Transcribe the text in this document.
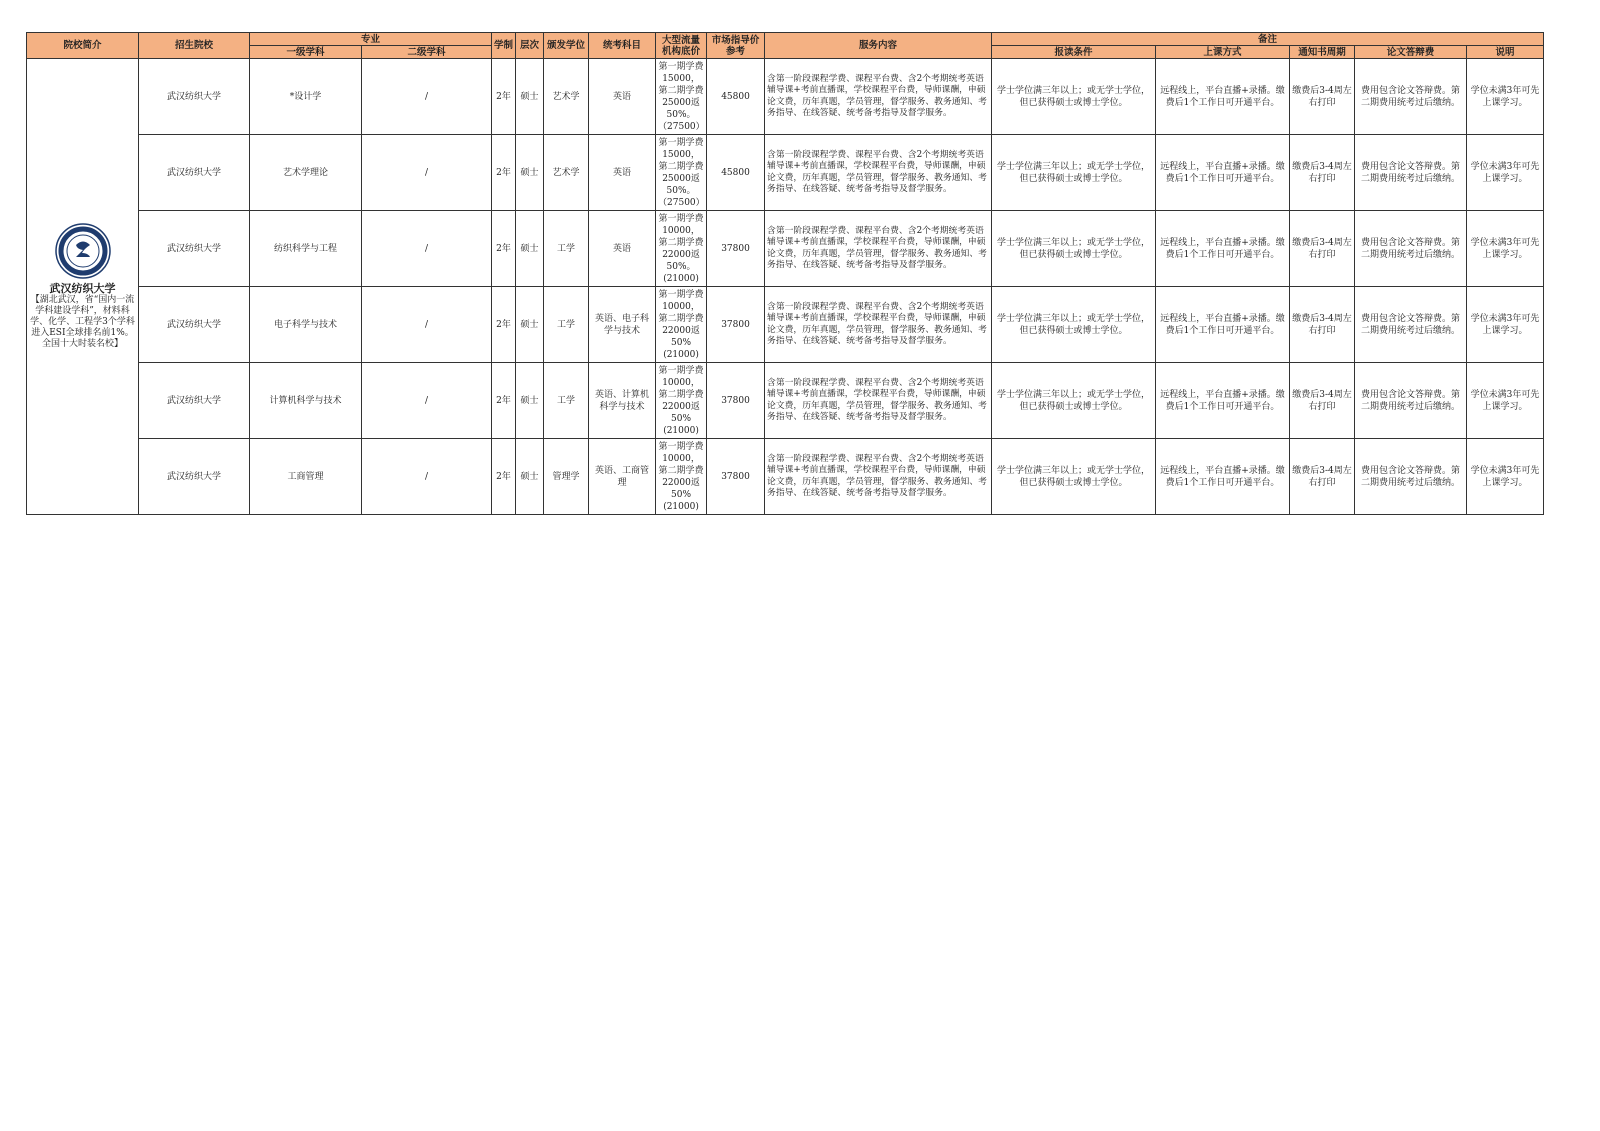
院校简介	招生院校	专业		学制	层次	颁发学位	统考科目	大型流量机构底价	市场指导价参考	服务内容	备注				
		一级学科	二级学科								报读条件	上课方式	通知书周期	论文答辩费	说明

武汉纺织大学
【湖北武汉，省“国内一流学科建设学科”，材料科学、化学、工程学3个学科进入ESI全球排名前1%。全国十大时装名校】	武汉纺织大学	*设计学	/	2年	硕士	艺术学	英语	第一期学费15000，第二期学费25000返50%。（27500）	45800	含第一阶段课程学费、课程平台费、含2个考期统考英语辅导课+考前直播课，学校课程平台费，导师课酬，申硕论文费，历年真题，学员管理，督学服务、教务通知、考务指导、在线答疑、统考备考指导及督学服务。	学士学位满三年以上；或无学士学位，但已获得硕士或博士学位。	远程线上，平台直播+录播。缴费后1个工作日可开通平台。	缴费后3-4周左右打印	费用包含论文答辩费。第二期费用统考过后缴纳。	学位未满3年可先上课学习。
	武汉纺织大学	艺术学理论	/	2年	硕士	艺术学	英语	第一期学费15000，第二期学费25000返50%。（27500）	45800	含第一阶段课程学费、课程平台费、含2个考期统考英语辅导课+考前直播课，学校课程平台费，导师课酬，申硕论文费，历年真题，学员管理，督学服务、教务通知、考务指导、在线答疑、统考备考指导及督学服务。	学士学位满三年以上；或无学士学位，但已获得硕士或博士学位。	远程线上，平台直播+录播。缴费后1个工作日可开通平台。	缴费后3-4周左右打印	费用包含论文答辩费。第二期费用统考过后缴纳。	学位未满3年可先上课学习。
	武汉纺织大学	纺织科学与工程	/	2年	硕士	工学	英语	第一期学费10000，第二期学费22000返50%。(21000)	37800	含第一阶段课程学费、课程平台费、含2个考期统考英语辅导课+考前直播课，学校课程平台费，导师课酬，申硕论文费，历年真题，学员管理，督学服务、教务通知、考务指导、在线答疑、统考备考指导及督学服务。	学士学位满三年以上；或无学士学位，但已获得硕士或博士学位。	远程线上，平台直播+录播。缴费后1个工作日可开通平台。	缴费后3-4周左右打印	费用包含论文答辩费。第二期费用统考过后缴纳。	学位未满3年可先上课学习。
	武汉纺织大学	电子科学与技术	/	2年	硕士	工学	英语、电子科学与技术	第一期学费10000，第二期学费22000返50%(21000)	37800	含第一阶段课程学费、课程平台费、含2个考期统考英语辅导课+考前直播课，学校课程平台费，导师课酬，申硕论文费，历年真题，学员管理，督学服务、教务通知、考务指导、在线答疑、统考备考指导及督学服务。	学士学位满三年以上；或无学士学位，但已获得硕士或博士学位。	远程线上，平台直播+录播。缴费后1个工作日可开通平台。	缴费后3-4周左右打印	费用包含论文答辩费。第二期费用统考过后缴纳。	学位未满3年可先上课学习。
	武汉纺织大学	计算机科学与技术	/	2年	硕士	工学	英语、计算机科学与技术	第一期学费10000，第二期学费22000返50%(21000)	37800	含第一阶段课程学费、课程平台费、含2个考期统考英语辅导课+考前直播课，学校课程平台费，导师课酬，申硕论文费，历年真题，学员管理，督学服务、教务通知、考务指导、在线答疑、统考备考指导及督学服务。	学士学位满三年以上；或无学士学位，但已获得硕士或博士学位。	远程线上，平台直播+录播。缴费后1个工作日可开通平台。	缴费后3-4周左右打印	费用包含论文答辩费。第二期费用统考过后缴纳。	学位未满3年可先上课学习。
	武汉纺织大学	工商管理	/	2年	硕士	管理学	英语、工商管理	第一期学费10000，第二期学费22000返50%(21000)	37800	含第一阶段课程学费、课程平台费、含2个考期统考英语辅导课+考前直播课，学校课程平台费，导师课酬，申硕论文费，历年真题，学员管理，督学服务、教务通知、考务指导、在线答疑、统考备考指导及督学服务。	学士学位满三年以上；或无学士学位，但已获得硕士或博士学位。	远程线上，平台直播+录播。缴费后1个工作日可开通平台。	缴费后3-4周左右打印	费用包含论文答辩费。第二期费用统考过后缴纳。	学位未满3年可先上课学习。
